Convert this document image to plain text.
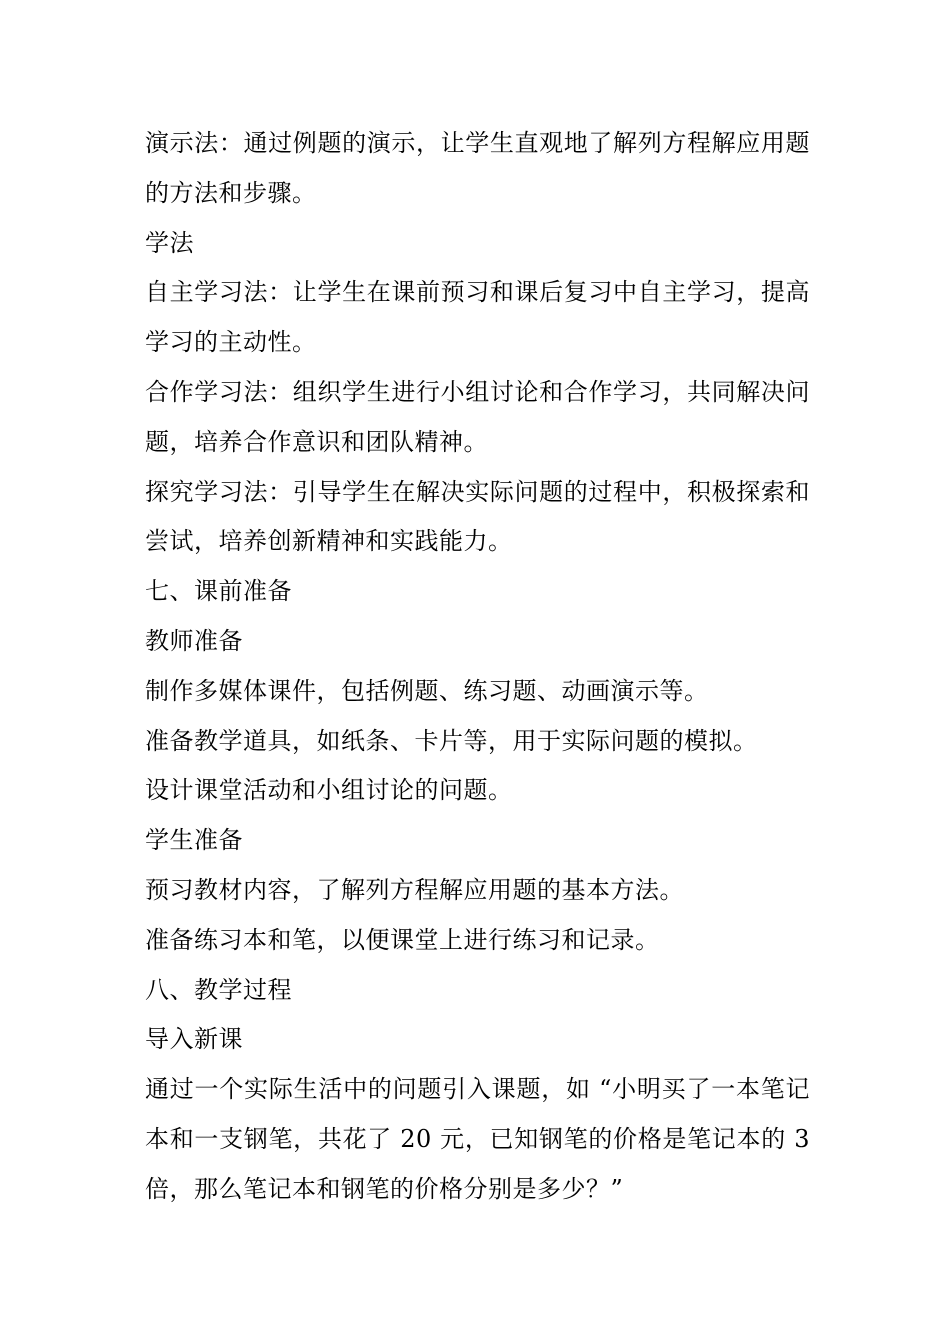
演示法：通过例题的演示，让学生直观地了解列方程解应用题的方法和步骤。

学法

自主学习法：让学生在课前预习和课后复习中自主学习，提高学习的主动性。

合作学习法：组织学生进行小组讨论和合作学习，共同解决问题，培养合作意识和团队精神。

探究学习法：引导学生在解决实际问题的过程中，积极探索和尝试，培养创新精神和实践能力。

七、课前准备

教师准备

制作多媒体课件，包括例题、练习题、动画演示等。

准备教学道具，如纸条、卡片等，用于实际问题的模拟。

设计课堂活动和小组讨论的问题。

学生准备

预习教材内容，了解列方程解应用题的基本方法。

准备练习本和笔，以便课堂上进行练习和记录。

八、教学过程

导入新课

通过一个实际生活中的问题引入课题，如 “小明买了一本笔记本和一支钢笔，共花了 20 元，已知钢笔的价格是笔记本的 3 倍，那么笔记本和钢笔的价格分别是多少？”
